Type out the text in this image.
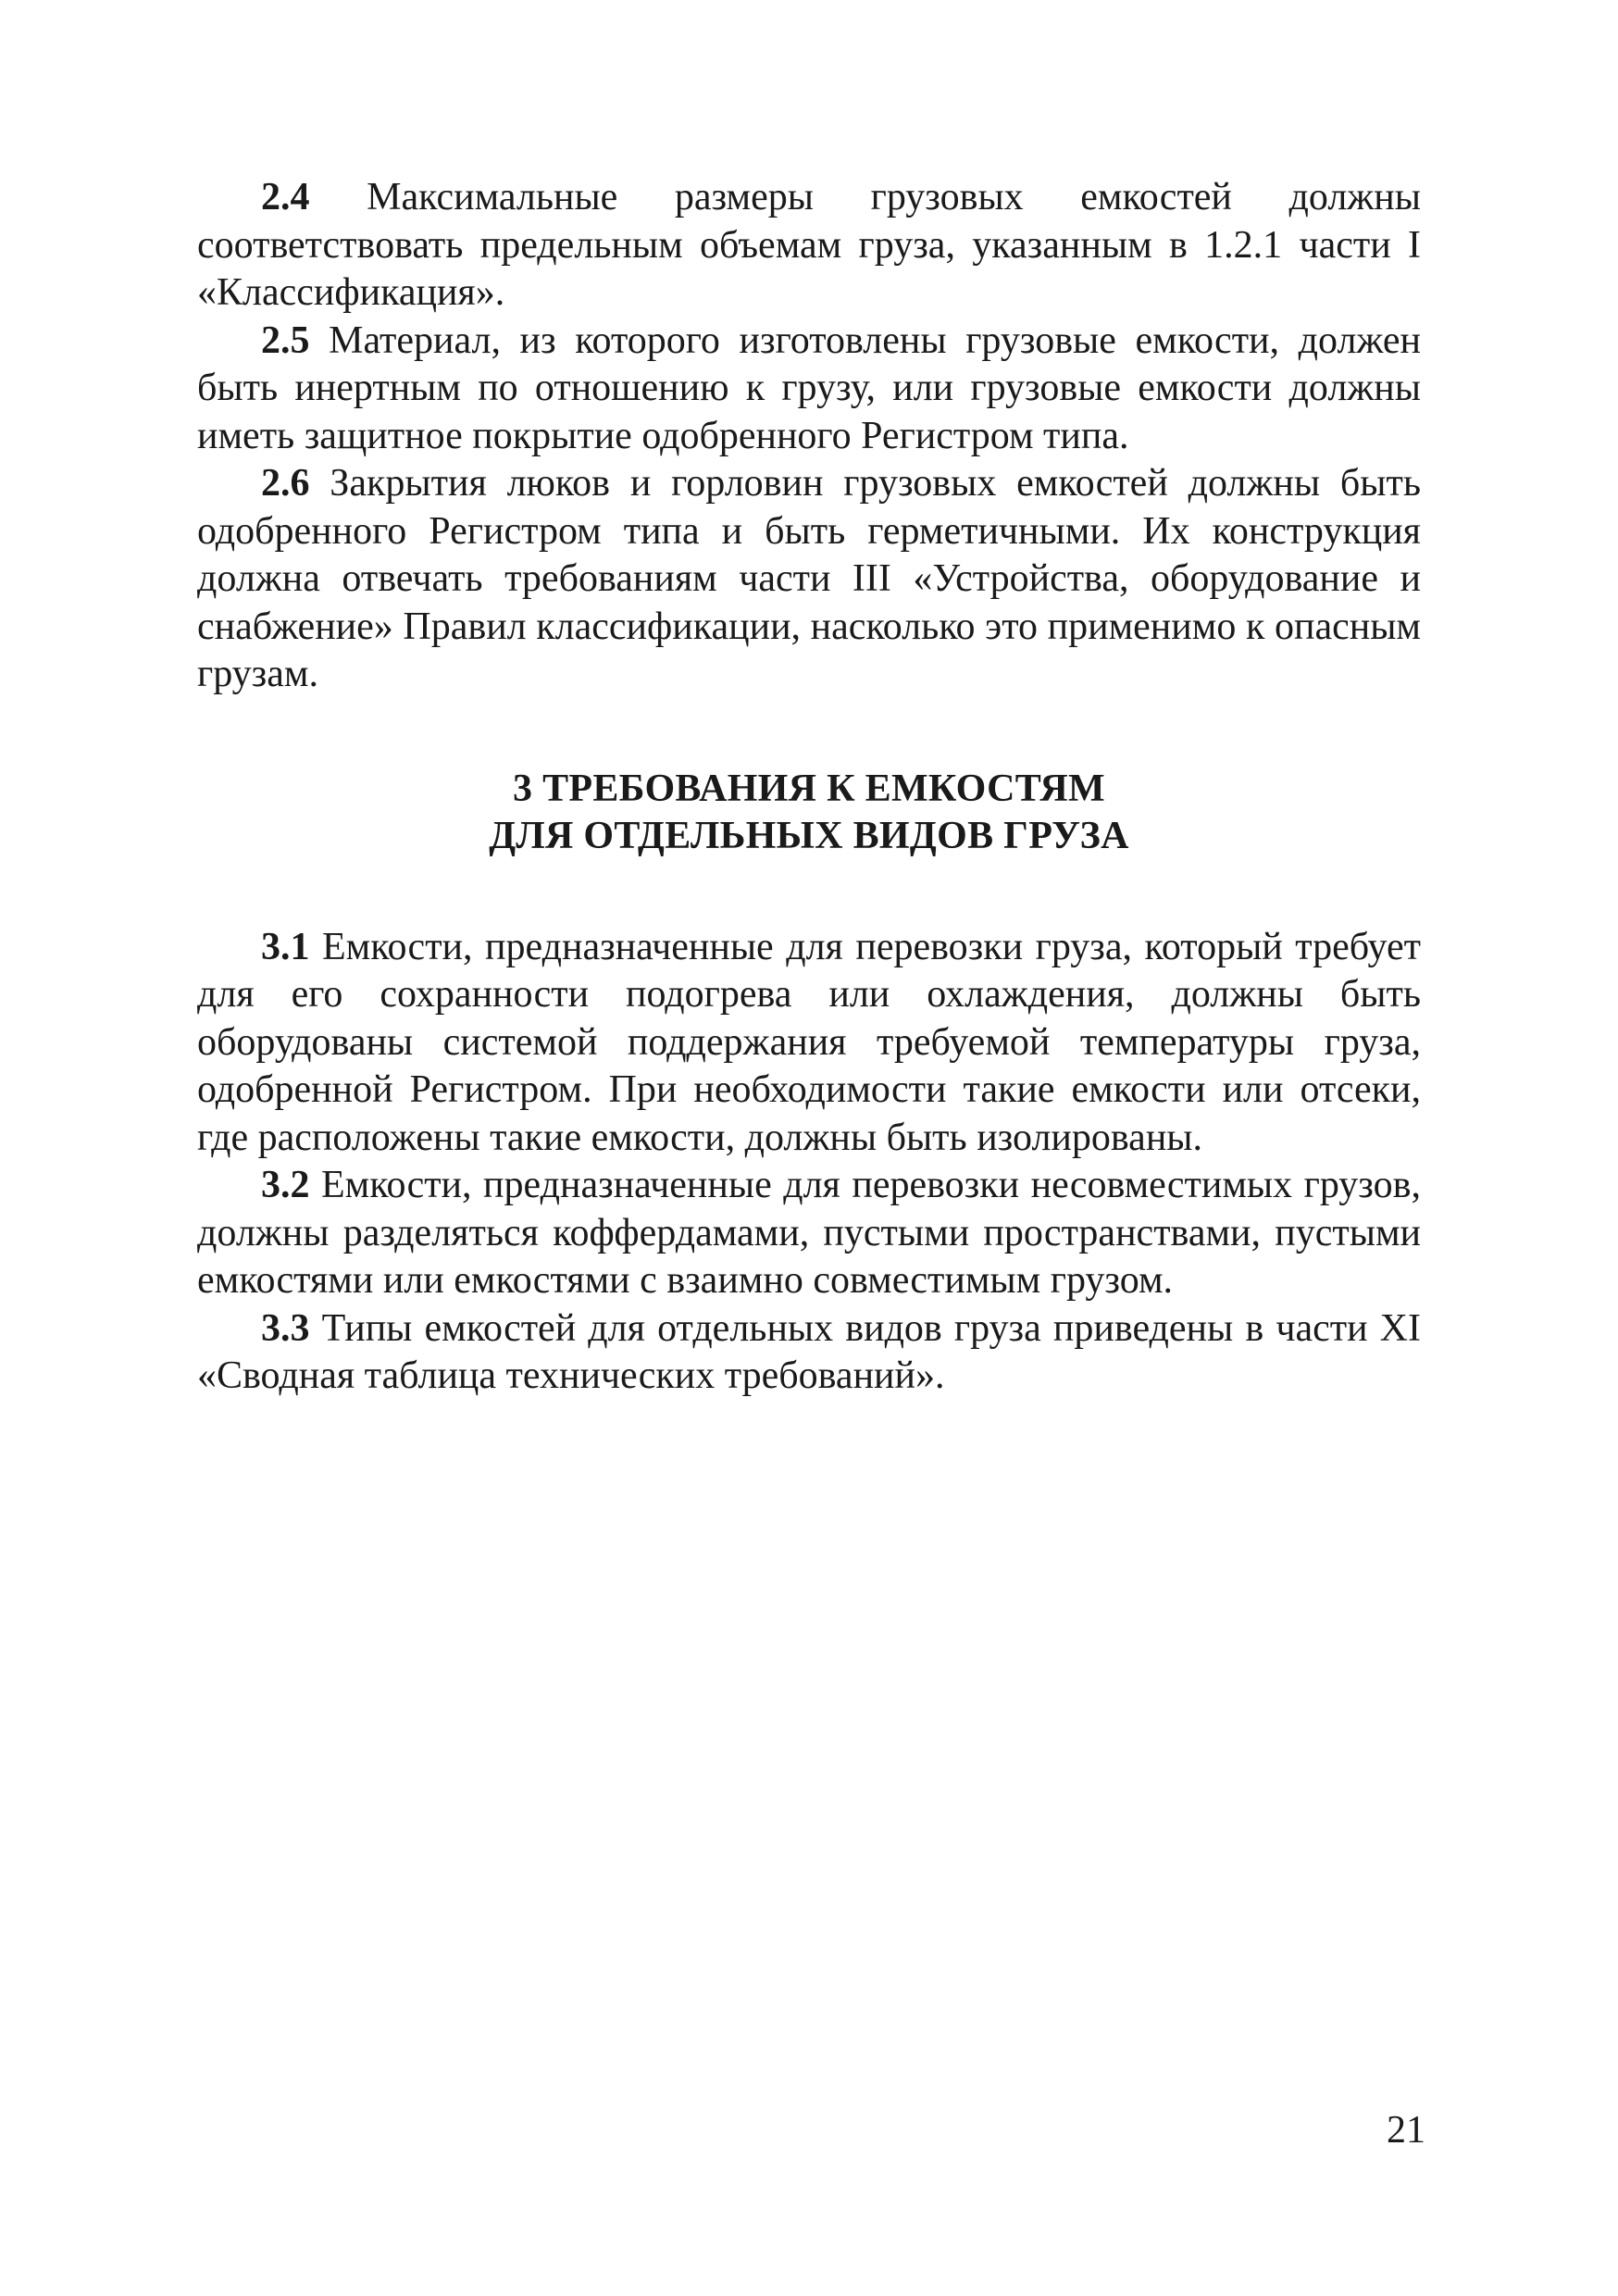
2.4 Максимальные размеры грузовых емкостей должны соответствовать предельным объемам груза, указанным в 1.2.1 части I «Классификация».

2.5 Материал, из которого изготовлены грузовые емкости, должен быть инертным по отношению к грузу, или грузовые емкости должны иметь защитное покрытие одобренного Регистром типа.

2.6 Закрытия люков и горловин грузовых емкостей должны быть одобренного Регистром типа и быть герметичными. Их конструкция должна отвечать требованиям части III «Устройства, оборудование и снабжение» Правил классификации, насколько это применимо к опасным грузам.

3 ТРЕБОВАНИЯ К ЕМКОСТЯМ
ДЛЯ ОТДЕЛЬНЫХ ВИДОВ ГРУЗА

3.1 Емкости, предназначенные для перевозки груза, который требует для его сохранности подогрева или охлаждения, должны быть оборудованы системой поддержания требуемой температуры груза, одобренной Регистром. При необходимости такие емкости или отсеки, где расположены такие емкости, должны быть изолированы.

3.2 Емкости, предназначенные для перевозки несовместимых грузов, должны разделяться коффердамами, пустыми пространствами, пустыми емкостями или емкостями с взаимно совместимым грузом.

3.3 Типы емкостей для отдельных видов груза приведены в части XI «Сводная таблица технических требований».

21
